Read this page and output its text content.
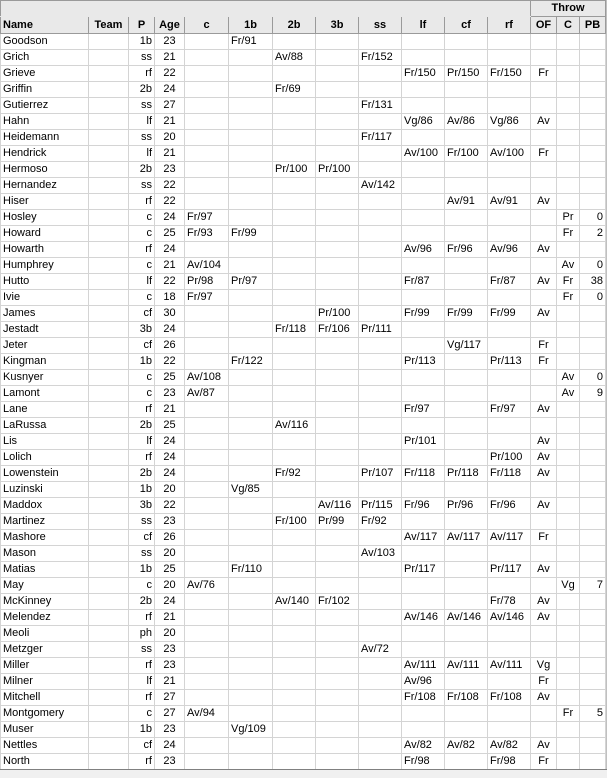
												Throw		
Name	Team	P	Age	c	1b	2b	3b	ss	lf	cf	rf	OF	C	PB
Goodson		1b	23		Fr/91									
Grich		ss	21			Av/88		Fr/152						
Grieve		rf	22						Fr/150	Pr/150	Fr/150	Fr		
Griffin		2b	24			Fr/69								
Gutierrez		ss	27					Fr/131						
Hahn		lf	21						Vg/86	Av/86	Vg/86	Av		
Heidemann		ss	20					Fr/117						
Hendrick		lf	21						Av/100	Fr/100	Av/100	Fr		
Hermoso		2b	23			Pr/100	Pr/100							
Hernandez		ss	22					Av/142						
Hiser		rf	22							Av/91	Av/91	Av		
Hosley		c	24	Fr/97									Pr	0
Howard		c	25	Fr/93	Fr/99								Fr	2
Howarth		rf	24						Av/96	Fr/96	Av/96	Av		
Humphrey		c	21	Av/104									Av	0
Hutto		lf	22	Pr/98	Pr/97				Fr/87		Fr/87	Av	Fr	38
Ivie		c	18	Fr/97									Fr	0
James		cf	30				Pr/100		Fr/99	Fr/99	Fr/99	Av		
Jestadt		3b	24			Fr/118	Fr/106	Pr/111						
Jeter		cf	26							Vg/117		Fr		
Kingman		1b	22		Fr/122				Pr/113		Pr/113	Fr		
Kusnyer		c	25	Av/108									Av	0
Lamont		c	23	Av/87									Av	9
Lane		rf	21						Fr/97		Fr/97	Av		
LaRussa		2b	25			Av/116								
Lis		lf	24						Pr/101			Av		
Lolich		rf	24								Pr/100	Av		
Lowenstein		2b	24			Fr/92		Pr/107	Fr/118	Pr/118	Fr/118	Av		
Luzinski		1b	20		Vg/85									
Maddox		3b	22				Av/116	Pr/115	Fr/96	Pr/96	Fr/96	Av		
Martinez		ss	23			Fr/100	Pr/99	Fr/92						
Mashore		cf	26						Av/117	Av/117	Av/117	Fr		
Mason		ss	20					Av/103						
Matias		1b	25		Fr/110				Pr/117		Pr/117	Av		
May		c	20	Av/76									Vg	7
McKinney		2b	24			Av/140	Fr/102				Fr/78	Av		
Melendez		rf	21						Av/146	Av/146	Av/146	Av		
Meoli		ph	20											
Metzger		ss	23					Av/72						
Miller		rf	23						Av/111	Av/111	Av/111	Vg		
Milner		lf	21						Av/96			Fr		
Mitchell		rf	27						Fr/108	Fr/108	Fr/108	Av		
Montgomery		c	27	Av/94									Fr	5
Muser		1b	23		Vg/109									
Nettles		cf	24						Av/82	Av/82	Av/82	Av		
North		rf	23						Fr/98		Fr/98	Fr		
